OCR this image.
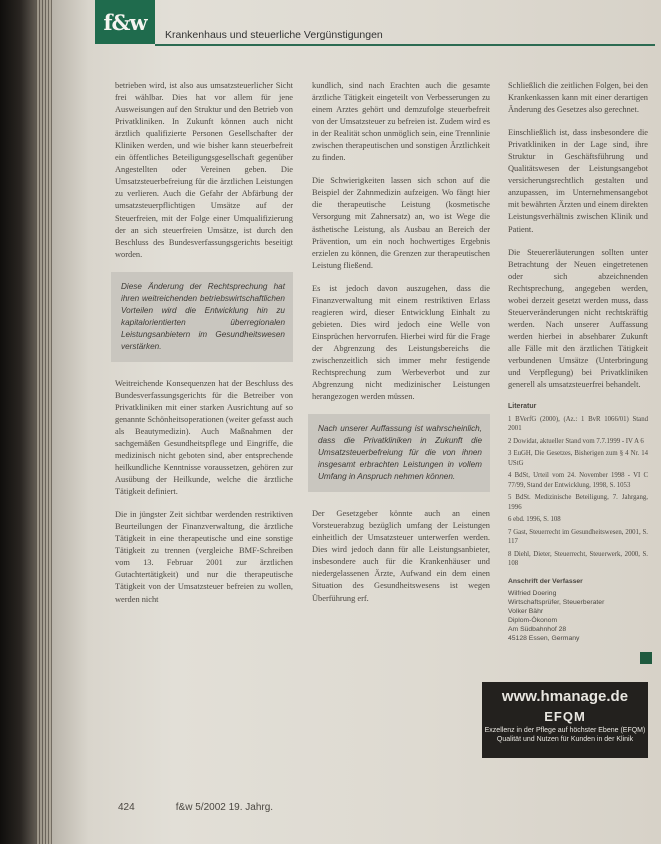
f&w
Krankenhaus und steuerliche Vergünstigungen

betrieben wird, ist also aus umsatzsteuerlicher Sicht frei wählbar. Dies hat vor allem für jene Ausweisungen auf den Struktur und den Betrieb von Privatkliniken. In Zukunft können auch nicht ärztlich qualifizierte Personen Gesellschafter der Kliniken werden, und wie bisher kann steuerbefreit ein öffentliches Beteiligungsgesellschaft gegenüber Angestellten oder Vereinen geben. Die Umsatzsteuerbefreiung für die ärztlichen Leistungen zu verlieren. Auch die Gefahr der Abfärbung der umsatzsteuerpflichtigen Umsätze auf der Steuerfreien, mit der Folge einer Umqualifizierung der an sich steuerfreien Umsätze, ist durch den Beschluss des Bundesverfassungsgerichts beseitigt worden.

Diese Änderung der Rechtsprechung hat ihren weitreichenden betriebswirtschaftlichen Vorteilen wird die Entwicklung hin zu kapitalorientierten überregionalen Leistungsanbietern im Gesundheitswesen verstärken.

Weitreichende Konsequenzen hat der Beschluss des Bundesverfassungsgerichts für die Betreiber von Privatkliniken mit einer starken Ausrichtung auf so genannte Schönheitsoperationen (weiter gefasst auch als Beautymedizin). Auch Maßnahmen der sachgemäßen Gesundheitspflege und Eingriffe, die medizinisch nicht geboten sind, aber entsprechende heilkundliche Kenntnisse voraussetzen, gehören zur Ausübung der Heilkunde, welche die ärztliche Tätigkeit definiert.

Die in jüngster Zeit sichtbar werdenden restriktiven Beurteilungen der Finanzverwaltung, die ärztliche Tätigkeit in eine therapeutische und eine sonstige Tätigkeit zu trennen (vergleiche BMF-Schreiben vom 13. Februar 2001 zur ärztlichen Gutachtertätigkeit) und nur die therapeutische Tätigkeit von der Umsatzsteuer befreien zu wollen, werden nicht

kundlich, sind nach Erachten auch die gesamte ärztliche Tätigkeit eingeteilt von Verbesserungen zu einem Arztes gehört und demzufolge steuerbefreit von der Umsatzsteuer zu befreien ist. Zudem wird es in der Realität schon unmöglich sein, eine Trennlinie zwischen therapeutischen und sonstigen Ärztlichkeit zu finden.

Die Schwierigkeiten lassen sich schon auf die Beispiel der Zahnmedizin aufzeigen. Wo fängt hier die therapeutische Leistung (kosmetische Versorgung mit Zahnersatz) an, wo ist Wege die ästhetische Leistung, als Ausbau an Bereich der Prävention, um ein noch hochwertiges Ergebnis erzielen zu können, die Grenzen zur therapeutischen Leistung fließend.

Es ist jedoch davon auszugehen, dass die Finanzverwaltung mit einem restriktiven Erlass reagieren wird, dieser Entwicklung Einhalt zu gebieten. Dies wird jedoch eine Welle von Einsprüchen hervorrufen. Hierbei wird für die Frage der Abgrenzung des Leistungsbereichs die zwischenzeitlich sich immer mehr festigende Rechtsprechung zum Werbeverbot und zur Abgrenzung nicht medizinischer Leistungen herangezogen werden müssen.

Nach unserer Auffassung ist wahrscheinlich, dass die Privatkliniken in Zukunft die Umsatzsteuerbefreiung für die von ihnen insgesamt erbrachten Leistungen in vollem Umfang in Anspruch nehmen können.

Der Gesetzgeber könnte auch an einen Vorsteuerabzug bezüglich umfang der Leistungen einheitlich der Umsatzsteuer unterwerfen werden. Dies wird jedoch dann für alle Leistungsanbieter, insbesondere auch für die Krankenhäuser und niedergelassenen Ärzte, Aufwand ein dem einen Situation des Gesundheitswesens ist wegen Überführung erf.

Schließlich die zeitlichen Folgen, bei den Krankenkassen kann mit einer derartigen Änderung des Gesetzes also gerechnet.

Einschließlich ist, dass insbesondere die Privatkliniken in der Lage sind, ihre Struktur in Geschäftsführung und Qualitätswesen der Leistungsangebot versicherungsrechtlich gestalten und anzupassen, im Unternehmensangebot mit bewährten Ärzten und einem direkten Leistungsverhältnis zwischen Klinik und Patient.

Die Steuererläuterungen sollten unter Betrachtung der Neuen eingetretenen oder sich abzeichnenden Rechtsprechung, angegeben werden, wobei derzeit gesetzt werden muss, dass Steuerveränderungen nicht rechtskräftig werden. Nach unserer Auffassung werden hierbei in absehbarer Zukunft alle Fälle mit den ärztlichen Tätigkeit verbundenen Umsätze (Unterbringung und Verpflegung) bei Privatkliniken generell als umsatzsteuerfrei behandelt.

Literatur
1 BVerfG (2000), (Az.: 1 BvR 1066/01) Stand 2001
2 Dowidat, aktueller Stand vom 7.7.1999 - IV A 6
3 EuGH, Die Gesetzes, Bisherigen zum § 4 Nr. 14 UStG
4 BdSt, Urteil vom 24. November 1998 - VI C 77/99, Stand der Entwicklung, 1998, S. 1053
5 BdSt. Medizinische Beteiligung, 7. Jahrgang, 1996
6 ebd. 1996, S. 108
7 Gast, Steuerrecht im Gesundheitswesen, 2001, S. 117
8 Diehl, Dieter, Steuerrecht, Steuerwerk, 2000, S. 108
Anschrift der Verfasser
Wilfried Doering
Wirtschaftsprüfer, Steuerberater
Volker Bähr
Diplom-Ökonom
Am Südbahnhof 28
45128 Essen, Germany
www.hmanage.de
EFQM
Exzellenz in der Pflege auf höchster Ebene (EFQM)
Qualität und Nutzen für Kunden in der Klinik
424	f&w 5/2002 19. Jahrg.
